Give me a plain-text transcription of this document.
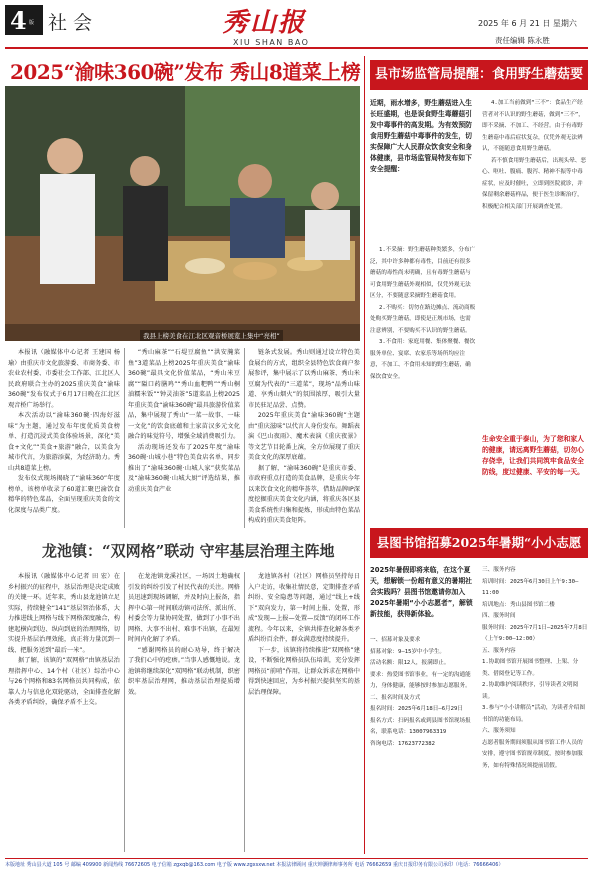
4 版 社 会	秀山报
XIU SHAN BAO
2025 年 6 月 21 日 星期六
责任编辑 陈永胜
2025“渝味360碗”发布 秀山8道菜上榜
我县上榜美食在江北区观音桥展览上集中“亮相”

本报讯（融媒体中心记者 王建国 杨 瑜）由重庆市文化旅游委、市商务委、市农业农村委、市委社会工作部、江北区人民政府联合主办的2025重庆美食“渝味360碗”发布仪式于6月17日晚在江北区观音桥广场举行。

本次活动以“渝味360碗·四海好滋味”为主题，通过发布年度优质美食榜单、打造沉浸式美食体验场景，深化“美食+文化”“美食+旅游”融合，以美食为城市代言，为旅游添翼，为经济助力。秀山共8道菜上榜。

发布仪式现场揭晓了“渝味360”年度榜单，该榜单收录了60道汇聚巴渝饮食精华的特色菜品，全面呈现重庆美食的文化深度与品类广度。

“秀山麻茶”“石堤豆腐鱼”“洪安腌菜鱼”3道菜品上榜2025年重庆美食“渝味360碗”最具文化价值菜品，“秀山米豆腐”“隘口药膳鸡”“秀山血粑鸭”“秀山桐油糯米饭”“钟灵油茶”5道菜品上榜2025年重庆美食“渝味360碗”最具旅游价值菜品，集中展现了秀山“一菜一故事、一味一文化”的饮食底蕴和土家苗汉多元文化融合的味觉符号，增强全域消费吸引力。

活动现场还发布了2025年度“渝味360碗·山城小巷”特色美食店名单，同步推出了“渝味360碗·山城人家”获奖菜品及“渝味360碗·山城大厨”评选结果，推动重庆美食产业

链条式发展。秀山则通过设立特色美食展台的方式，组织全县特色饮食商户参展参评，集中展示了以秀山麻茶、秀山米豆腐为代表的“三道菜”，现场“品秀山味道、享秀山烟火”的氛围浓厚，吸引大量市民驻足品尝、点赞。

2025年重庆美食“渝味360碗”主题由“重庆滋味”以代言人身份发布。舞蹈表演《巴山夜雨》、魔术表演《重庆夜景》等文艺节目轮番上演，全方位展现了重庆美食文化的深厚底蕴。

据了解，“渝味360碗”是重庆市委、市政府重点打造的美食品牌，是重庆今年以来饮食文化的精华荟萃，借助品牌IP深度挖掘重庆美食文化内涵，将重庆各区县美食系统性归集和提炼，形成由特色菜品构成的重庆美食矩阵。

龙池镇：“双网格”联动 守牢基层治理主阵地

本报讯（融媒体中心记者 田 宏）在乡村振兴的征程中，基层治理是决定成败的关键一环。近年来，秀山县龙池镇立足实际，持续健全“141”基层智治体系，大力推进线上网格与线下网格深度融合，构建起横向到边、纵向到底的治理网络，切实提升基层治理效能，真正将力量沉到一线、把服务送到“最后一米”。

据了解，该镇的“双网格”由镇基层治理指挥中心、14个村（社区）综治中心与26个网格和83名网格员共同构成，依靠人力与信息化双轮驱动，全面排查化解各类矛盾纠纷，确保矛盾不上交。

在龙池镇龙溪社区，一场因土地确权引发的纠纷引发了村民代表的关注。网格员迅速到现场调解，并及时向上报备，指挥中心第一时间联动镇司法所、派出所、村委会等力量协同处置，做到了小事不出网格、大事不出村、难事不出镇，在最短时间内化解了矛盾。

“感谢网格员的耐心劝导，终于解决了我们心中的疙瘩。”当事人感慨地说。龙池镇将继续深化“双网格”联动机制，织密织牢基层治理网，推动基层治理提质增效。

龙池镇各村（社区）网格员坚持每日入户走访，收集社情民意，定期排查矛盾纠纷、安全隐患等问题，通过“线上+线下”双向发力，第一时间上报、处置，形成“发现—上报—处置—反馈”的闭环工作流程。今年以来，全镇共排查化解各类矛盾纠纷百余件，群众满意度持续提升。

下一步，该镇将持续推进“双网格”建设，不断强化网格员队伍培训，充分发挥网格员“前哨”作用，让群众诉求在网格中得到快速回应，为乡村振兴提供坚实的基层治理保障。

县市场监管局提醒：食用野生蘑菇要注意
近期，雨水增多，野生蘑菇进入生长旺盛期，也是误食野生毒蘑菇引发中毒事件的高发期。为有效预防食用野生蘑菇中毒事件的发生，切实保障广大人民群众饮食安全和身体健康，县市场监管局特发布如下安全提醒：

1.不采摘：野生蘑菇种类繁多，分布广泛，其中许多种都有毒性，目前还有很多蘑菇的毒性尚未明确，且有毒野生蘑菇与可食用野生蘑菇外观相似，仅凭外观无法区分，不要随意采摘野生蘑菇食用。

2.不购买：切勿在路边摊点、流动商贩处购买野生蘑菇，即使是正规市场，也需注意辨别，不要购买不认识的野生蘑菇。

3.不食用：家庭用餐、集体聚餐、餐饮服务单位、宴席、农家乐等场所均应注意，不加工、不食用未知的野生蘑菇，确保饮食安全。

4.加工当前做到“三不”：食品生产经营者对不认识的野生蘑菇，做到“三不”，即不采摘、不加工、不经营。由于有毒野生蘑菇中毒后症状复杂，仅凭外观无法辨认，不能随意食用野生蘑菇。

若不慎食用野生蘑菇后，出现头晕、恶心、呕吐、腹痛、腹泻、精神不振等中毒症状，应及时催吐，立即到医院就诊，并保留剩余蘑菇样品，便于医生诊断治疗，积极配合相关部门开展调查处置。

生命安全重于泰山，为了您和家人的健康，请远离野生蘑菇，切勿心存侥幸，让我们共同筑牢食品安全防线，度过健康、平安的每一天。
县图书馆招募2025年暑期“小小志愿者”
2025年暑假即将来临，在这个夏天，想解锁一份超有意义的暑期社会实践吗？县图书馆邀请你加入2025年暑期“小小志愿者”，解锁新技能，获得新体验。

一、招募对象及要求

招募对象：9—15岁中小学生。

活动名额：限12人，报满即止。

要求：热爱图书馆事业，有一定的沟通能力，身体健康，能够按时参加志愿服务。

二、报名时间及方式

报名时间：2025年6月18日—6月29日

报名方式：扫码报名或到县图书馆现场报名，联系电话：13007963319

咨询电话：17623772382

三、服务内容

培训时间：2025年6月30日上午9:30—11:00

培训地点：秀山县图书馆二楼

四、服务时间

服务时间：2025年7月1日—2025年7月8日（上午9:00—12:00）

五、服务内容

1.协助图书馆开展图书整理、上架、分类、借阅登记等工作。

2.协助维护阅读秩序，引导读者文明阅读。

3.参与“小小讲解员”活动，为读者介绍图书馆的功能布局。

六、服务须知

志愿者服务期间须服从图书馆工作人员的安排，遵守图书馆规章制度，按时参加服务，如有特殊情况须提前请假。

本版地址 秀山县大道 105 号 邮编 409900 新闻热线 76672605 电子信箱 zgxqb@163.com 电子版 www.zgxsxw.net 本报法律顾问 重庆坤灏律师事务所 电话 76662659 重庆日报印务有限公司承印（电话：76666406）
